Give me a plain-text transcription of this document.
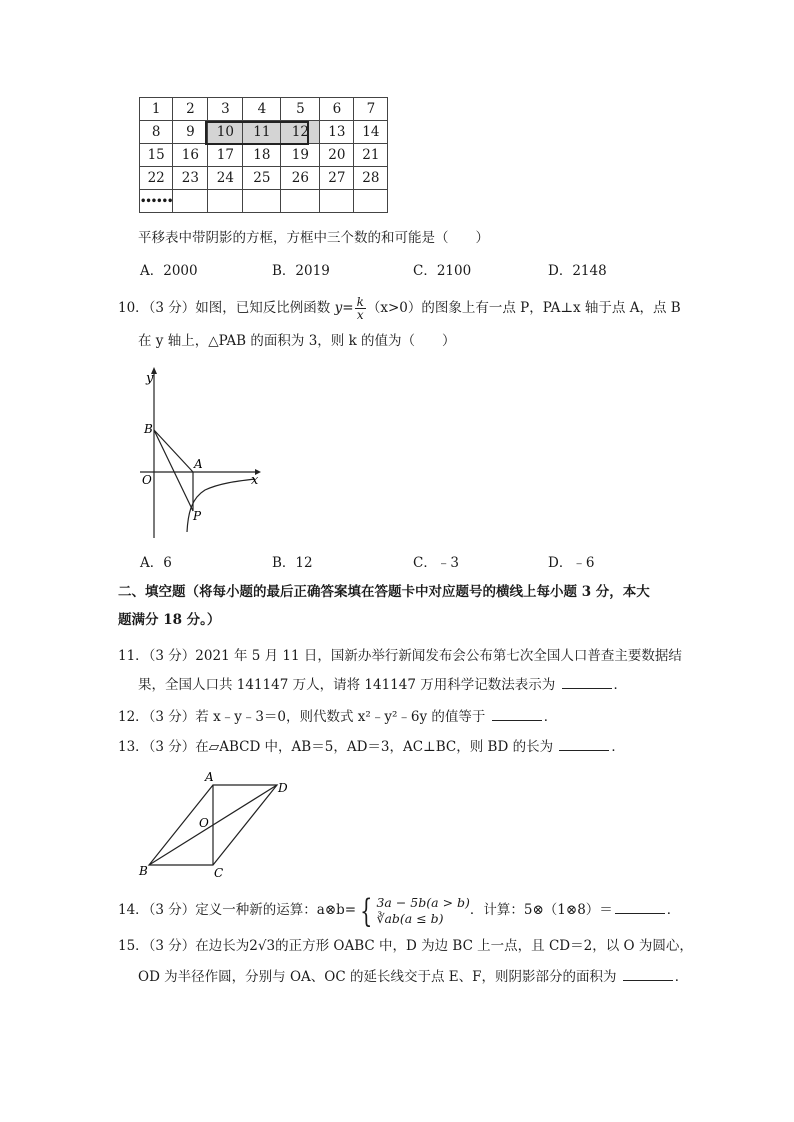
1	2	3	4	5	6	7
8	9	10	11	12	13	14
15	16	17	18	19	20	21
22	23	24	25	26	27	28
••••••						
平移表中带阴影的方框，方框中三个数的和可能是（　　）
A．2000	B．2019	C．2100	D．2148
10．（3 分）如图，已知反比例函数 $y= \frac{k}{x} (x>0)$的图象上有一点 P，PA⊥x 轴于点 A，点 B
在 y 轴上，△PAB 的面积为 3，则 k 的值为（　　）
y
x
B
A
O
P
A．6	B．12	C．﹣3	D．﹣6
二、填空题（将每小题的最后正确答案填在答题卡中对应题号的横线上每小题 3 分，本大
题满分 18 分。）
11．（3 分）2021 年 5 月 11 日，国新办举行新闻发布会公布第七次全国人口普查主要数据结
果，全国人口共 141147 万人，请将 141147 万用科学记数法表示为	．
12．（3 分）若 x﹣y﹣3＝0，则代数式 x²﹣y²﹣6y 的值等于	．
13．（3 分）在▱ABCD 中，AB＝5，AD＝3，AC⊥BC，则 BD 的长为	．
A
D
O
B	C
14．（3 分）定义一种新的运算：a⊗b= { 3a − 5b(a > b)
∛ab(a ≤ b)	．计算：5⊗（1⊗8）＝	．
15．（3 分）在边长为2√3的正方形 OABC 中，D 为边 BC 上一点，且 CD＝2，以 O 为圆心，
OD 为半径作圆，分别与 OA、OC 的延长线交于点 E、F，则阴影部分的面积为	．
